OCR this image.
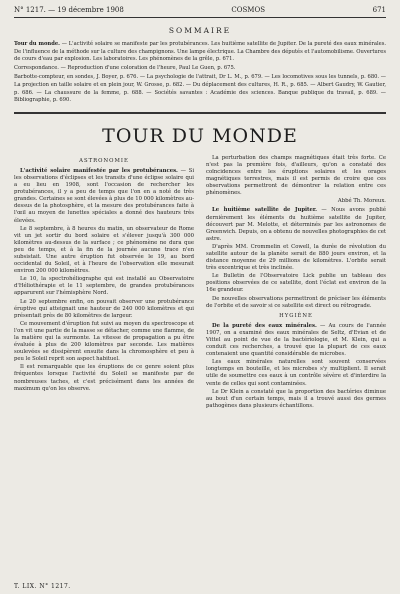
N° 1217. — 19 décembre 1908	COSMOS	671
SOMMAIRE

Tour du monde. — L'activité solaire se manifeste par les protubérances. Les huitième satellite de Jupiter. De la pureté des eaux minérales. De l'influence de la méthode sur la culture des champignons. Une lampe électrique. La Chambre des députés et l'automobilisme. Ouvertures de cours d'eau par explosion. Les laboratoires. Les phénomènes de la grêle, p. 671.

Correspondance. — Reproduction d'une coloration de l'heure, Paul Le Guen, p. 675.

Barbotte-compteur, en sondes, J. Boyer, p. 676. — La psychologie de l'attrait, Dr L. M., p. 679. — Les locomotives sous les tunnels, p. 680. — La projection en taille solaire et en plein jour, W. Grosse, p. 682. — Du déplacement des cultures, H. R., p. 685. — Albert Gaudry, W. Gautier, p. 686. — La chaussure de la femme, p. 688. — Sociétés savantes : Académie des sciences. Banque publique du travail, p. 689. — Bibliographie, p. 690.

TOUR DU MONDE

ASTRONOMIE

L'activité solaire manifestée par les protubérances. — Si les observations d'éclipses et les transits d'une éclipse solaire qui a eu lieu en 1908, sont l'occasion de rechercher les protubérances, il y a peu de temps que l'on en a noté de très grandes. Certaines se sont élevées à plus de 10 000 kilomètres au-dessus de la photosphère, et la mesure des protubérances faite à l'œil au moyen de lunettes spéciales a donné des hauteurs très élevées.

Le 8 septembre, à 8 heures du matin, un observateur de Rome vit un jet sortir du bord solaire et s'élever jusqu'à 300 000 kilomètres au-dessus de la surface ; ce phénomène ne dura que peu de temps, et à la fin de la journée aucune trace n'en subsistait. Une autre éruption fut observée le 19, au bord occidental du Soleil, et à l'heure de l'observation elle mesurait environ 200 000 kilomètres.

Le 10, la spectrohéliographe qui est installé au Observatoire d'Héliothérapie et le 11 septembre, de grandes protubérances apparurent sur l'hémisphère Nord.

Le 20 septembre enfin, on pouvait observer une protubérance éruptive qui atteignait une hauteur de 240 000 kilomètres et qui présentait près de 80 kilomètres de largeur.

Ce mouvement d'éruption fut suivi au moyen du spectroscope et l'on vit une partie de la masse se détacher, comme une flamme, de la matière qui la surmonte. La vitesse de propagation a pu être évaluée à plus de 200 kilomètres par seconde. Les matières soulevées se dissipèrent ensuite dans la chromosphère et peu à peu le Soleil reprit son aspect habituel.

Il est remarquable que les éruptions de ce genre soient plus fréquentes lorsque l'activité du Soleil se manifeste par de nombreuses taches, et c'est précisément dans les années de maximum qu'on les observe.

La perturbation des champs magnétiques était très forte. Ce n'est pas la première fois, d'ailleurs, qu'on a constaté des coïncidences entre les éruptions solaires et les orages magnétiques terrestres, mais il est permis de croire que ces observations permettront de démontrer la relation entre ces phénomènes.

Abbé Th. Moreux.

Le huitième satellite de Jupiter. — Nous avons publié dernièrement les éléments du huitième satellite de Jupiter, découvert par M. Melotte, et déterminés par les astronomes de Greenwich. Depuis, on a obtenu de nouvelles photographies de cet astre.

D'après MM. Crommelin et Cowell, la durée de révolution du satellite autour de la planète serait de 880 jours environ, et la distance moyenne de 29 millions de kilomètres. L'orbite serait très excentrique et très inclinée.

Le Bulletin de l'Observatoire Lick publie un tableau des positions observées de ce satellite, dont l'éclat est environ de la 16e grandeur.

De nouvelles observations permettront de préciser les éléments de l'orbite et de savoir si ce satellite est direct ou rétrograde.

HYGIÈNE

De la pureté des eaux minérales. — Au cours de l'année 1907, on a examiné des eaux minérales de Seltz, d'Evian et de Vittel au point de vue de la bactériologie, et M. Klein, qui a conduit ces recherches, a trouvé que la plupart de ces eaux contenaient une quantité considérable de microbes.

Les eaux minérales naturelles sont souvent conservées longtemps en bouteille, et les microbes s'y multiplient. Il serait utile de soumettre ces eaux à un contrôle sévère et d'interdire la vente de celles qui sont contaminées.

Le Dr Klein a constaté que la proportion des bactéries diminue au bout d'un certain temps, mais il a trouvé aussi des germes pathogènes dans plusieurs échantillons.

T. LIX. N° 1217.
